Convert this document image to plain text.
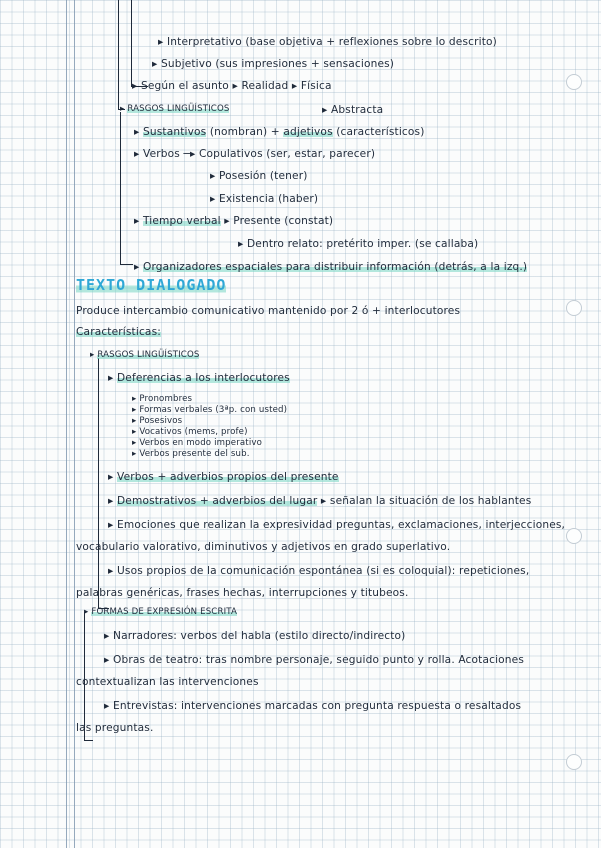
▸ Interpretativo (base objetiva + reflexiones sobre lo descrito)
▸ Subjetivo (sus impresiones + sensaciones)
▸ Según el asunto ▸ Realidad ▸ Física
▸ RASGOS LINGÜÍSTICOS	▸ Abstracta
▸ Sustantivos (nombran) + adjetivos (característicos)
▸ Verbos ─▸ Copulativos (ser, estar, parecer)
▸ Posesión (tener)
▸ Existencia (haber)
▸ Tiempo verbal ▸ Presente (constat)
▸ Dentro relato: pretérito imper. (se callaba)
▸ Organizadores espaciales para distribuir información (detrás, a la izq.)
TEXTO DIALOGADO
Produce intercambio comunicativo mantenido por 2 ó + interlocutores
Características:
▸ RASGOS LINGÜÍSTICOS
▸ Deferencias a los interlocutores
▸ Pronombres
▸ Formas verbales (3ªp. con usted)
▸ Posesivos
▸ Vocativos (mems, profe)
▸ Verbos en modo imperativo
▸ Verbos presente del sub.
▸ Verbos + adverbios propios del presente
▸ Demostrativos + adverbios del lugar ▸ señalan la situación de los hablantes
▸ Emociones que realizan la expresividad preguntas, exclamaciones, interjecciones,
vocabulario valorativo, diminutivos y adjetivos en grado superlativo.
▸ Usos propios de la comunicación espontánea (si es coloquial): repeticiones,
palabras genéricas, frases hechas, interrupciones y titubeos.
▸ FORMAS DE EXPRESIÓN ESCRITA
▸ Narradores: verbos del habla (estilo directo/indirecto)
▸ Obras de teatro: tras nombre personaje, seguido punto y rolla. Acotaciones
contextualizan las intervenciones
▸ Entrevistas: intervenciones marcadas con pregunta respuesta o resaltados
las preguntas.
